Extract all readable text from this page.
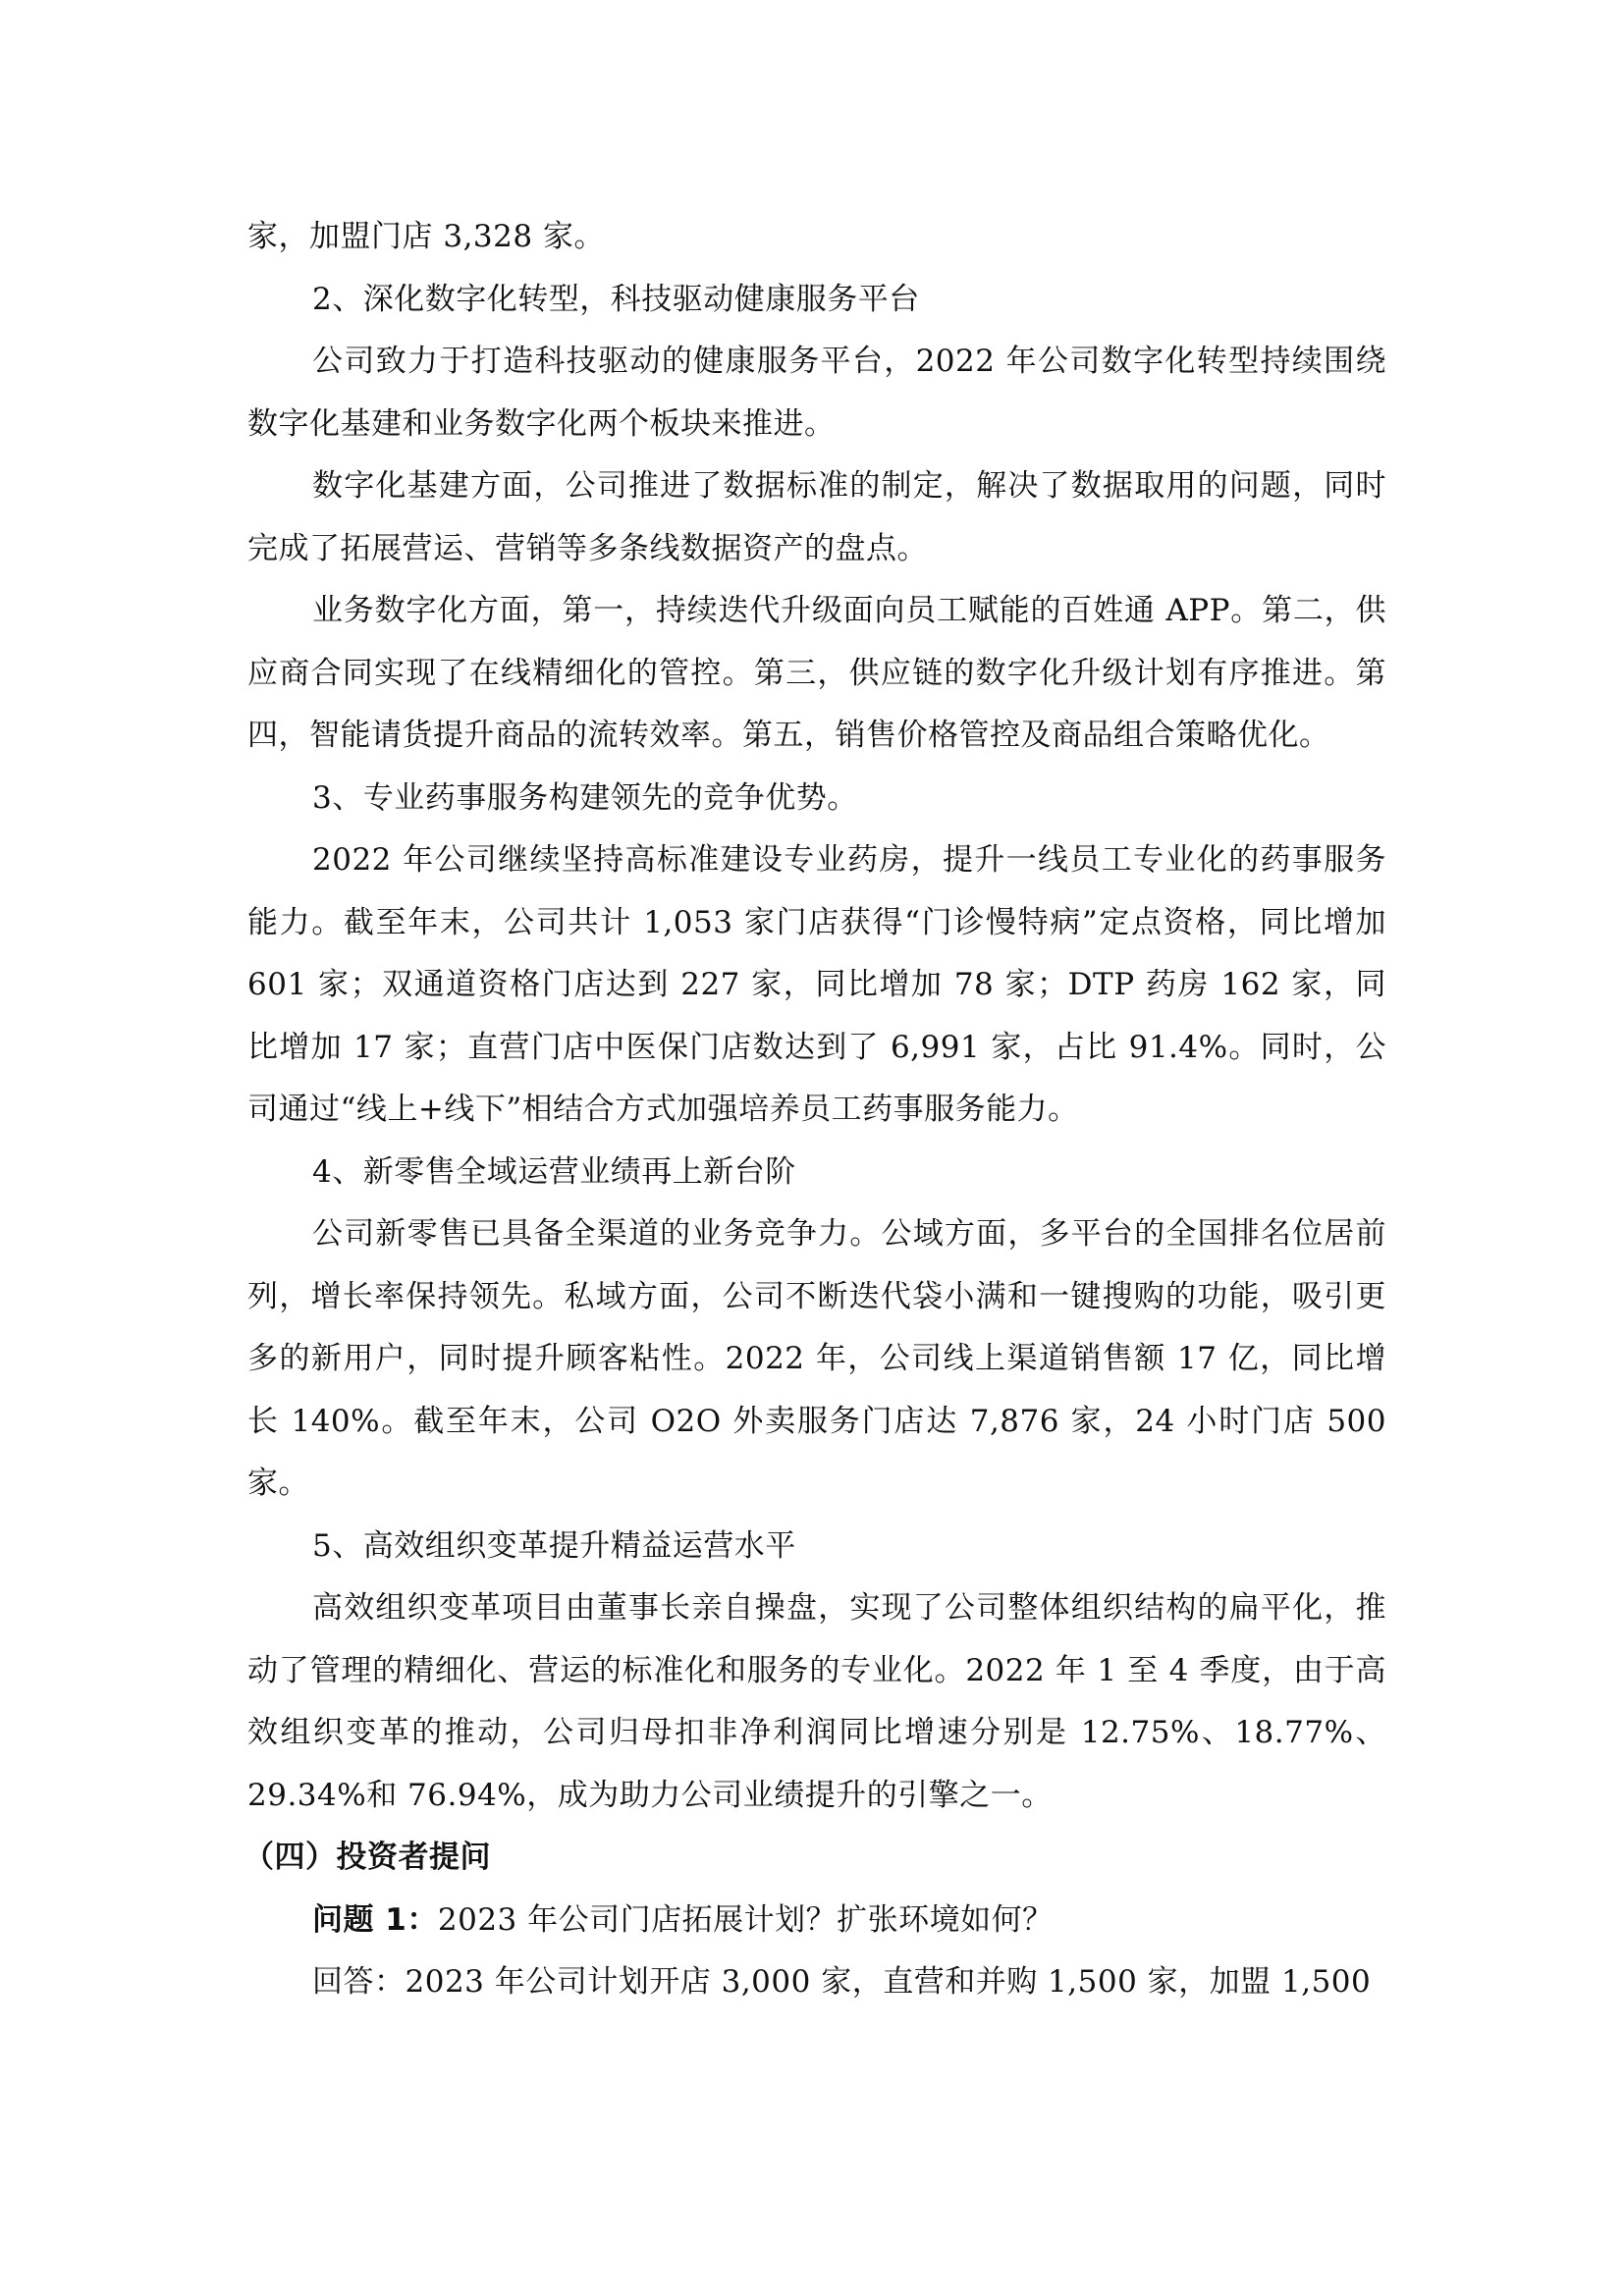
家，加盟门店 3,328 家。

2、深化数字化转型，科技驱动健康服务平台

公司致力于打造科技驱动的健康服务平台，2022 年公司数字化转型持续围绕数字化基建和业务数字化两个板块来推进。

数字化基建方面，公司推进了数据标准的制定，解决了数据取用的问题，同时完成了拓展营运、营销等多条线数据资产的盘点。

业务数字化方面，第一，持续迭代升级面向员工赋能的百姓通 APP。第二，供应商合同实现了在线精细化的管控。第三，供应链的数字化升级计划有序推进。第四，智能请货提升商品的流转效率。第五，销售价格管控及商品组合策略优化。

3、专业药事服务构建领先的竞争优势。

2022 年公司继续坚持高标准建设专业药房，提升一线员工专业化的药事服务能力。截至年末，公司共计 1,053 家门店获得“门诊慢特病”定点资格，同比增加 601 家；双通道资格门店达到 227 家，同比增加 78 家；DTP 药房 162 家，同比增加 17 家；直营门店中医保门店数达到了 6,991 家，占比 91.4%。同时，公司通过“线上+线下”相结合方式加强培养员工药事服务能力。

4、新零售全域运营业绩再上新台阶

公司新零售已具备全渠道的业务竞争力。公域方面，多平台的全国排名位居前列，增长率保持领先。私域方面，公司不断迭代袋小满和一键搜购的功能，吸引更多的新用户，同时提升顾客粘性。2022 年，公司线上渠道销售额 17 亿，同比增长 140%。截至年末，公司 O2O 外卖服务门店达 7,876 家，24 小时门店 500 家。

5、高效组织变革提升精益运营水平

高效组织变革项目由董事长亲自操盘，实现了公司整体组织结构的扁平化，推动了管理的精细化、营运的标准化和服务的专业化。2022 年 1 至 4 季度，由于高效组织变革的推动，公司归母扣非净利润同比增速分别是 12.75%、18.77%、29.34%和 76.94%，成为助力公司业绩提升的引擎之一。

（四）投资者提问

问题 1：2023 年公司门店拓展计划？扩张环境如何？

回答：2023 年公司计划开店 3,000 家，直营和并购 1,500 家，加盟 1,500
